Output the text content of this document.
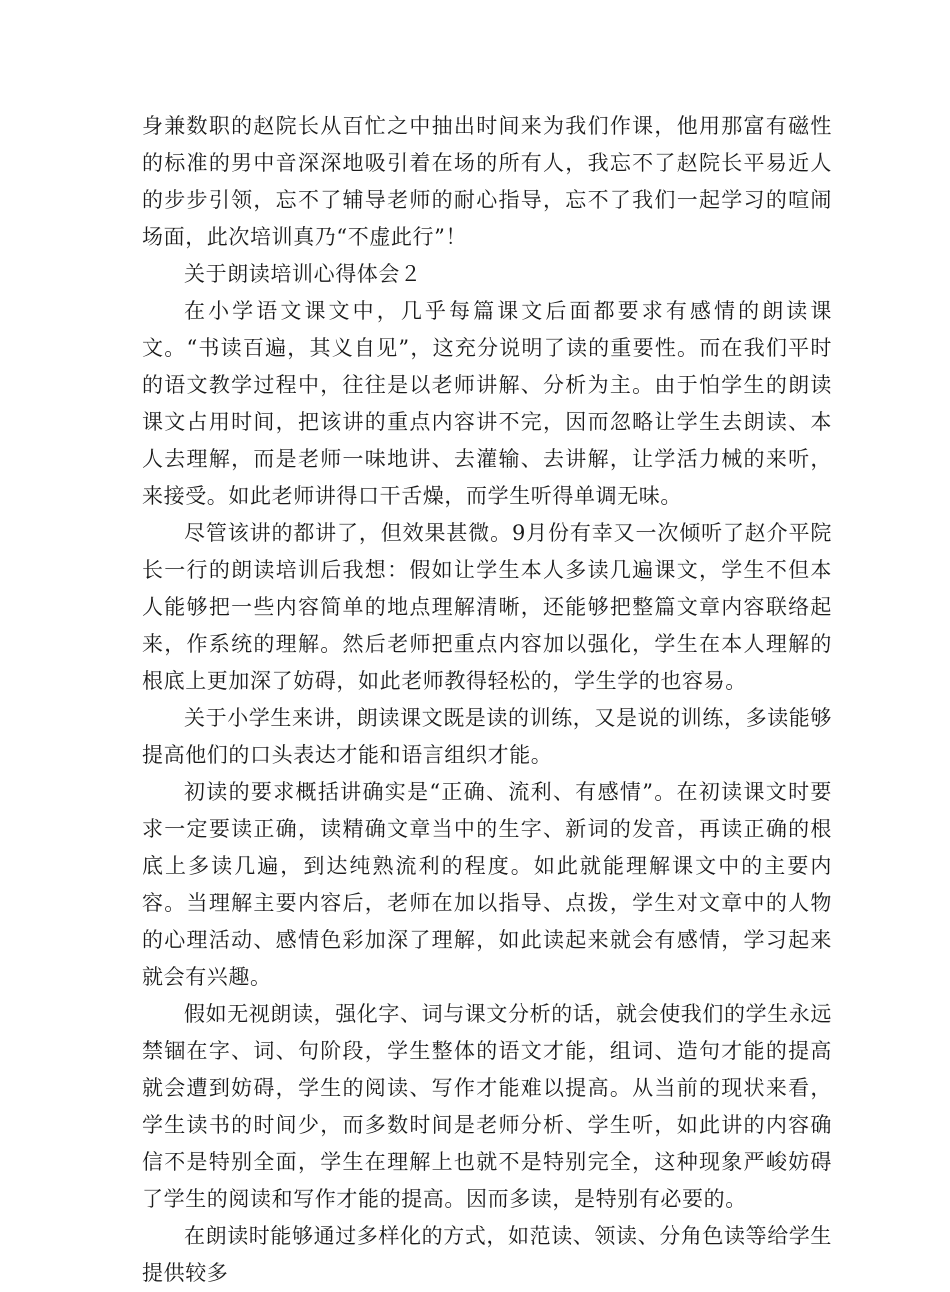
身兼数职的赵院长从百忙之中抽出时间来为我们作课，他用那富有磁性的标准的男中音深深地吸引着在场的所有人，我忘不了赵院长平易近人的步步引领，忘不了辅导老师的耐心指导，忘不了我们一起学习的喧闹场面，此次培训真乃“不虚此行”！

关于朗读培训心得体会２

在小学语文课文中，几乎每篇课文后面都要求有感情的朗读课文。“书读百遍，其义自见”，这充分说明了读的重要性。而在我们平时的语文教学过程中，往往是以老师讲解、分析为主。由于怕学生的朗读课文占用时间，把该讲的重点内容讲不完，因而忽略让学生去朗读、本人去理解，而是老师一味地讲、去灌输、去讲解，让学活力械的来听，来接受。如此老师讲得口干舌燥，而学生听得单调无味。

尽管该讲的都讲了，但效果甚微。9月份有幸又一次倾听了赵介平院长一行的朗读培训后我想：假如让学生本人多读几遍课文，学生不但本人能够把一些内容简单的地点理解清晰，还能够把整篇文章内容联络起来，作系统的理解。然后老师把重点内容加以强化，学生在本人理解的根底上更加深了妨碍，如此老师教得轻松的，学生学的也容易。

关于小学生来讲，朗读课文既是读的训练，又是说的训练，多读能够提高他们的口头表达才能和语言组织才能。

初读的要求概括讲确实是“正确、流利、有感情”。在初读课文时要求一定要读正确，读精确文章当中的生字、新词的发音，再读正确的根底上多读几遍，到达纯熟流利的程度。如此就能理解课文中的主要内容。当理解主要内容后，老师在加以指导、点拨，学生对文章中的人物的心理活动、感情色彩加深了理解，如此读起来就会有感情，学习起来就会有兴趣。

假如无视朗读，强化字、词与课文分析的话，就会使我们的学生永远禁锢在字、词、句阶段，学生整体的语文才能，组词、造句才能的提高就会遭到妨碍，学生的阅读、写作才能难以提高。从当前的现状来看，学生读书的时间少，而多数时间是老师分析、学生听，如此讲的内容确信不是特别全面，学生在理解上也就不是特别完全，这种现象严峻妨碍了学生的阅读和写作才能的提高。因而多读，是特别有必要的。

在朗读时能够通过多样化的方式，如范读、领读、分角色读等给学生提供较多
